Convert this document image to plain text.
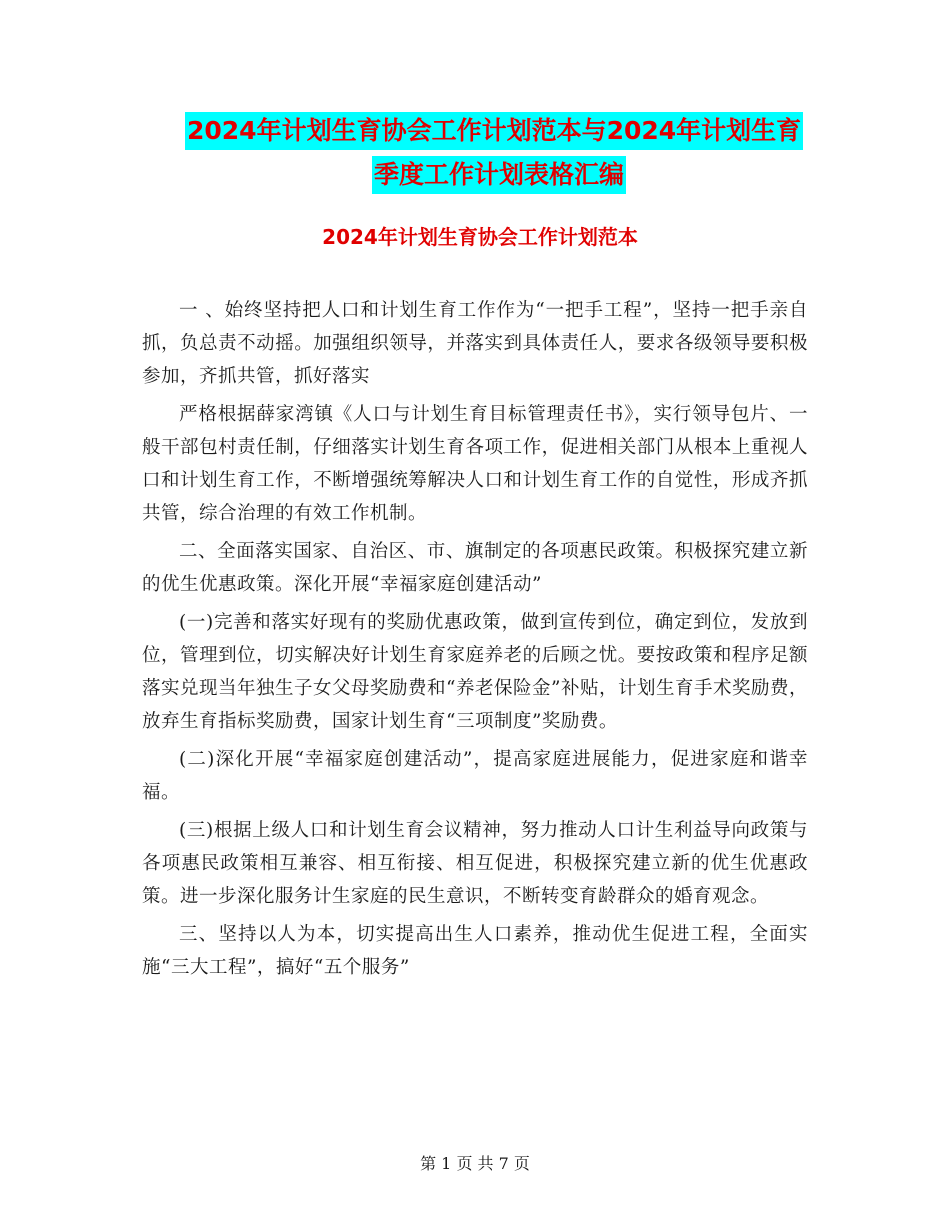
2024年计划生育协会工作计划范本与2024年计划生育
季度工作计划表格汇编
2024年计划生育协会工作计划范本

一 、始终坚持把人口和计划生育工作作为“一把手工程”，坚持一把手亲自抓，负总责不动摇。加强组织领导，并落实到具体责任人，要求各级领导要积极参加，齐抓共管，抓好落实

严格根据薛家湾镇《人口与计划生育目标管理责任书》，实行领导包片、一般干部包村责任制，仔细落实计划生育各项工作，促进相关部门从根本上重视人口和计划生育工作，不断增强统筹解决人口和计划生育工作的自觉性，形成齐抓共管，综合治理的有效工作机制。

二、全面落实国家、自治区、市、旗制定的各项惠民政策。积极探究建立新的优生优惠政策。深化开展“幸福家庭创建活动”

(一)完善和落实好现有的奖励优惠政策，做到宣传到位，确定到位，发放到位，管理到位，切实解决好计划生育家庭养老的后顾之忧。要按政策和程序足额落实兑现当年独生子女父母奖励费和“养老保险金”补贴，计划生育手术奖励费，放弃生育指标奖励费，国家计划生育“三项制度”奖励费。

(二)深化开展“幸福家庭创建活动”，提高家庭进展能力，促进家庭和谐幸福。

(三)根据上级人口和计划生育会议精神，努力推动人口计生利益导向政策与各项惠民政策相互兼容、相互衔接、相互促进，积极探究建立新的优生优惠政策。进一步深化服务计生家庭的民生意识，不断转变育龄群众的婚育观念。

三、坚持以人为本，切实提高出生人口素养，推动优生促进工程，全面实施“三大工程”，搞好“五个服务”

第 1 页 共 7 页
